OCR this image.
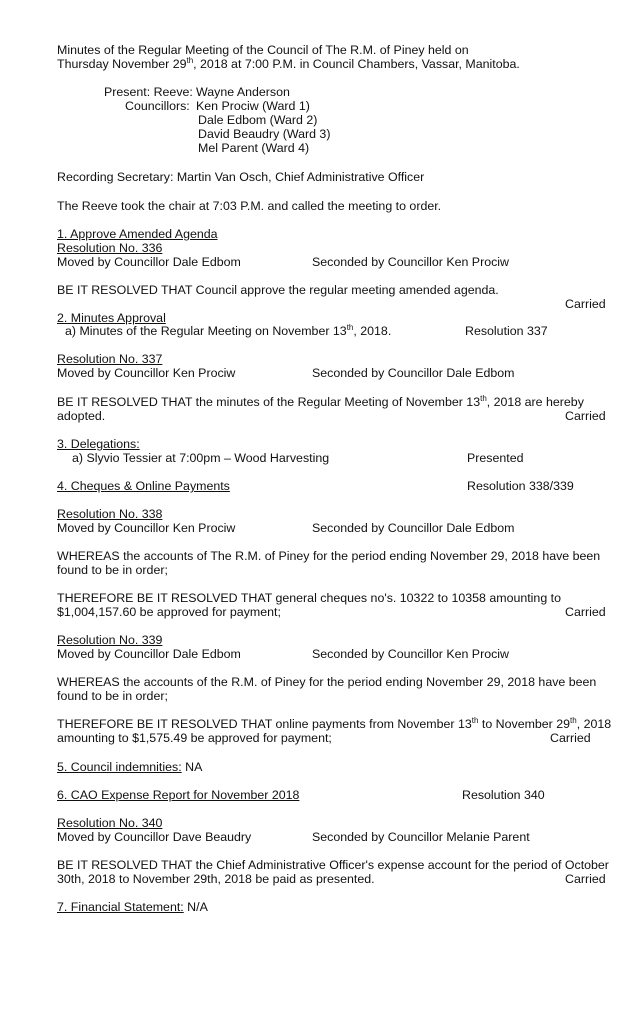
Minutes of the Regular Meeting of the Council of The R.M. of Piney held on
Thursday November 29th, 2018 at 7:00 P.M. in Council Chambers, Vassar, Manitoba.
Present: Reeve: Wayne Anderson
Councillors: Ken Prociw (Ward 1)
Dale Edbom (Ward 2)
David Beaudry (Ward 3)
Mel Parent (Ward 4)
Recording Secretary: Martin Van Osch, Chief Administrative Officer
The Reeve took the chair at 7:03 P.M. and called the meeting to order.
1. Approve Amended Agenda
Resolution No. 336
Moved by Councillor Dale Edbom	Seconded by Councillor Ken Prociw
BE IT RESOLVED THAT Council approve the regular meeting amended agenda.
Carried
2. Minutes Approval
a) Minutes of the Regular Meeting on November 13th, 2018.	Resolution 337
Resolution No. 337
Moved by Councillor Ken Prociw	Seconded by Councillor Dale Edbom
BE IT RESOLVED THAT the minutes of the Regular Meeting of November 13th, 2018 are hereby
adopted.	Carried
3. Delegations:
a) Slyvio Tessier at 7:00pm – Wood Harvesting	Presented
4. Cheques & Online Payments	Resolution 338/339
Resolution No. 338
Moved by Councillor Ken Prociw	Seconded by Councillor Dale Edbom
WHEREAS the accounts of The R.M. of Piney for the period ending November 29, 2018 have been
found to be in order;
THEREFORE BE IT RESOLVED THAT general cheques no's. 10322 to 10358 amounting to
$1,004,157.60 be approved for payment;	Carried
Resolution No. 339
Moved by Councillor Dale Edbom	Seconded by Councillor Ken Prociw
WHEREAS the accounts of the R.M. of Piney for the period ending November 29, 2018 have been
found to be in order;
THEREFORE BE IT RESOLVED THAT online payments from November 13th to November 29th, 2018
amounting to $1,575.49 be approved for payment;	Carried
5. Council indemnities: NA
6. CAO Expense Report for November 2018	Resolution 340
Resolution No. 340
Moved by Councillor Dave Beaudry	Seconded by Councillor Melanie Parent
BE IT RESOLVED THAT the Chief Administrative Officer's expense account for the period of October
30th, 2018 to November 29th, 2018 be paid as presented.	Carried
7. Financial Statement: N/A
